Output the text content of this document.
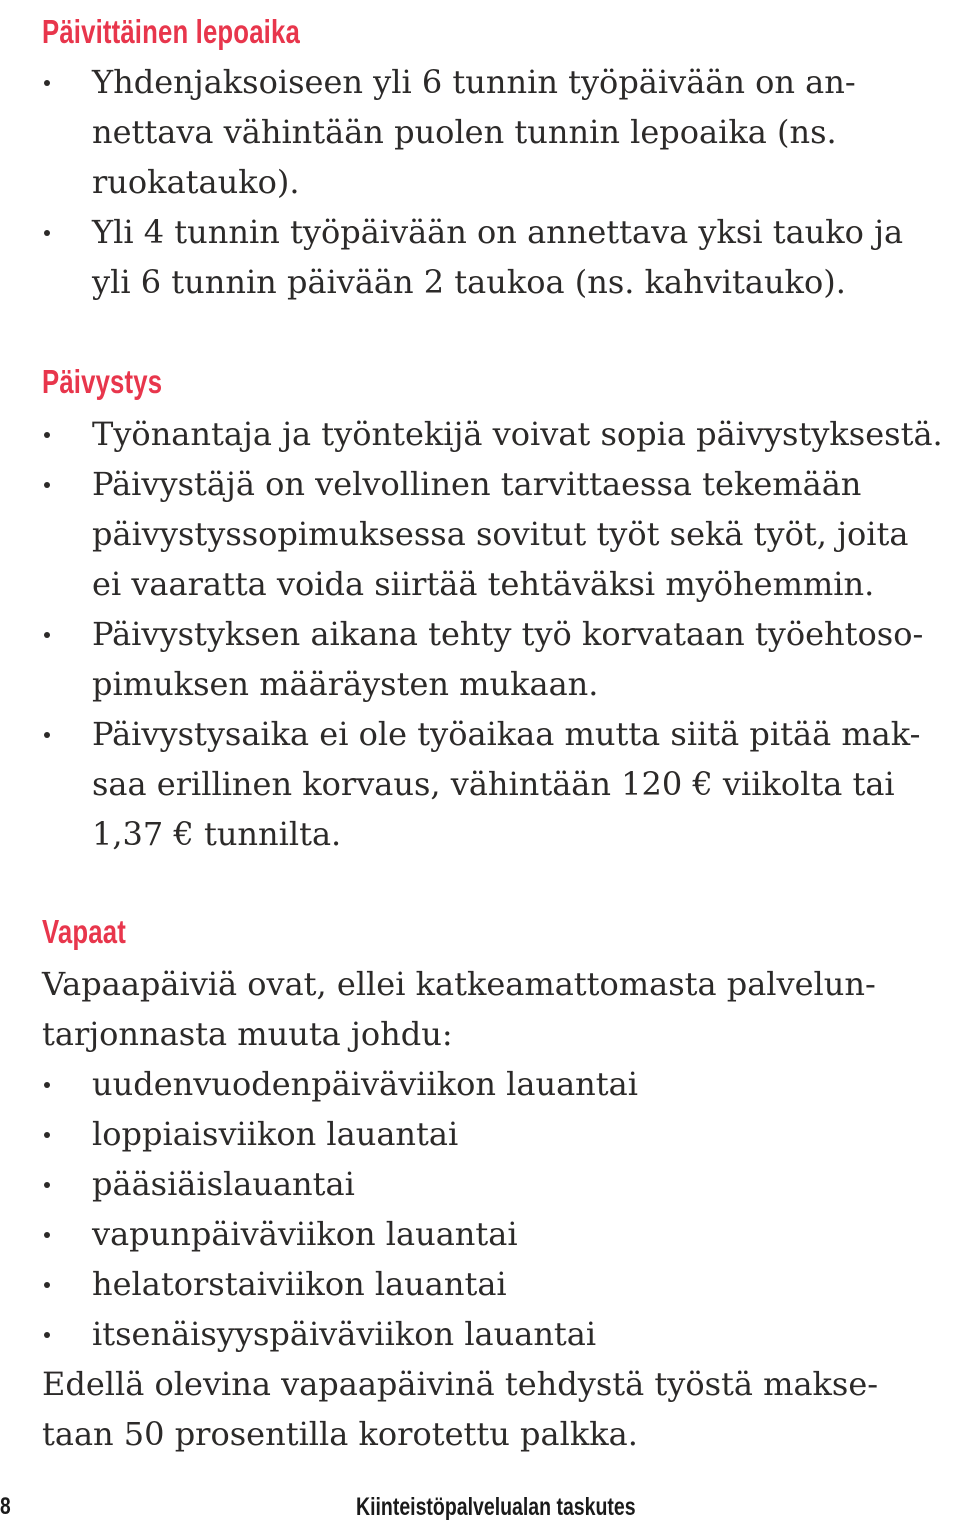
Päivittäinen lepoaika

Yhdenjaksoiseen yli 6 tunnin työpäivään on an-

nettava vähintään puolen tunnin lepoaika (ns.

ruokatauko).

Yli 4 tunnin työpäivään on annettava yksi tauko ja

yli 6 tunnin päivään 2 taukoa (ns. kahvitauko).

Päivystys

Työnantaja ja työntekijä voivat sopia päivystyksestä.

Päivystäjä on velvollinen tarvittaessa tekemään

päivystyssopimuksessa sovitut työt sekä työt, joita

ei vaaratta voida siirtää tehtäväksi myöhemmin.

Päivystyksen aikana tehty työ korvataan työehtoso-

pimuksen määräysten mukaan.

Päivystysaika ei ole työaikaa mutta siitä pitää mak-

saa erillinen korvaus, vähintään 120 € viikolta tai

1,37 € tunnilta.

Vapaat

Vapaapäiviä ovat, ellei katkeamattomasta palvelun-

tarjonnasta muuta johdu:

uudenvuodenpäiväviikon lauantai

loppiaisviikon lauantai

pääsiäislauantai

vapunpäiväviikon lauantai

helatorstaiviikon lauantai

itsenäisyyspäiväviikon lauantai

Edellä olevina vapaapäivinä tehdystä työstä makse-

taan 50 prosentilla korotettu palkka.

8	Kiinteistöpalvelualan taskutes
